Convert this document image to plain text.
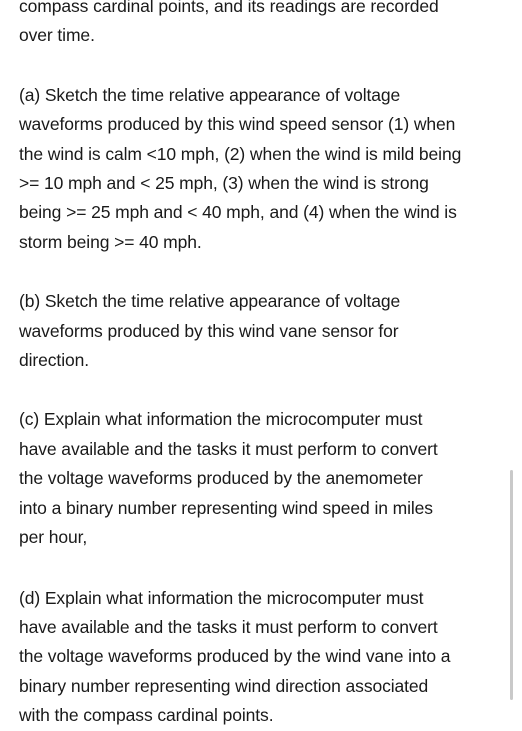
compass cardinal points, and its readings are recorded
over time.

(a) Sketch the time relative appearance of voltage
waveforms produced by this wind speed sensor (1) when
the wind is calm <10 mph, (2) when the wind is mild being
>= 10 mph and < 25 mph, (3) when the wind is strong
being >= 25 mph and < 40 mph, and (4) when the wind is
storm being >= 40 mph.

(b) Sketch the time relative appearance of voltage
waveforms produced by this wind vane sensor for
direction.

(c) Explain what information the microcomputer must
have available and the tasks it must perform to convert
the voltage waveforms produced by the anemometer
into a binary number representing wind speed in miles
per hour,

(d) Explain what information the microcomputer must
have available and the tasks it must perform to convert
the voltage waveforms produced by the wind vane into a
binary number representing wind direction associated
with the compass cardinal points.
